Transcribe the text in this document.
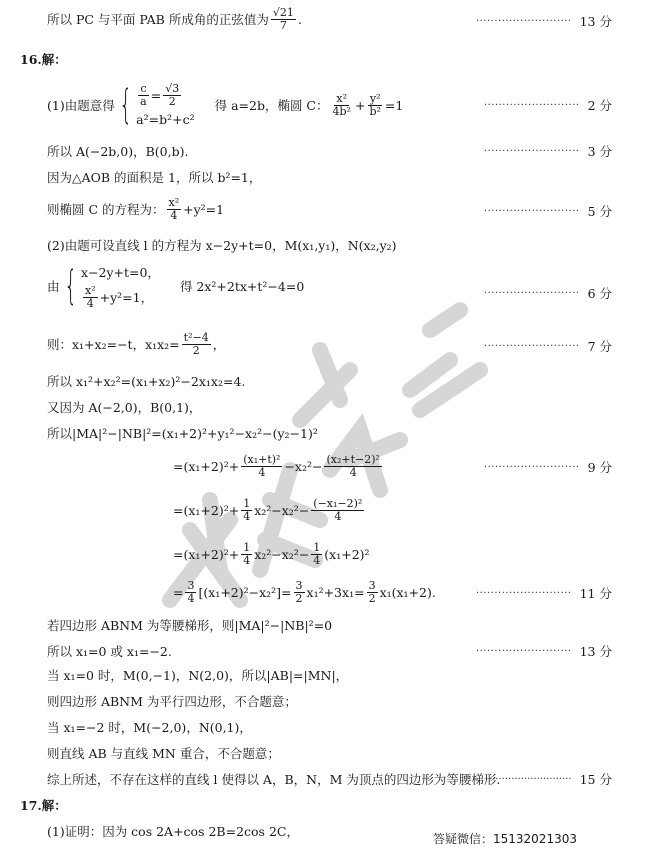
所以 PC 与平面 PAB 所成角的正弦值为 $\frac{√21}{7}$ .	·························· 13 分
16. 解：
(1)由题意得 { $\frac{c}{a} = \frac{√3}{2}$
a²=b²+c²
得 a=2b，椭圆 C： $\frac{\text{x²}}{\text{4b²}} + \frac{\text{y²}}{\text{b²}} =1$	·························· 2 分
所以 A(−2b,0)，B(0,b).	·························· 3 分
因为△AOB 的面积是 1，所以 b²=1，
则椭圆 C 的方程为： $\frac{\text{x²}}{4} +y^2=1$	·························· 5 分
(2)由题可设直线 l 的方程为 x−2y+t=0，M(x₁,y₁)，N(x₂,y₂)
由 { x−2y+t=0，
$\frac{\text{x²}}{4} +y^2=1$，
得 2x²+2tx+t²−4=0	·························· 6 分
则：x₁+x₂=−t，$x_1x_2= \frac{\text{t²−4}}{2}$ ，	·························· 7 分
所以 x₁²+x₂²=(x₁+x₂)²−2x₁x₂=4.
又因为 A(−2,0)，B(0,1)，
所以|MA|²−|NB|²=(x₁+2)²+y₁²−x₂²−(y₂−1)²
$=(x_1+2)^2+ \frac{\text{(x₁+t)²}}{4} -x_2^2- \frac{\text{(x₂+t−2)²}}{4}$	·························· 9 分
$=(x_1+2)^2+ \frac{1}{4} x_2^2-x_2^2- \frac{\text{(−x₁−2)²}}{4}$
$=(x_1+2)^2+ \frac{1}{4} x_2^2-x_2^2- \frac{1}{4} (x_1+2)^2$
= $\frac{3}{4} [(x_1+2)^2-x_2^2]= \frac{3}{2} x_1^2+3x_1= \frac{3}{2} x_1(x_1+2)$.	·························· 11 分
若四边形 ABNM 为等腰梯形，则|MA|²−|NB|²=0
所以 x₁=0 或 x₁=−2.	·························· 13 分
当 x₁=0 时，M(0,−1)，N(2,0)，所以|AB|=|MN|，
则四边形 ABNM 为平行四边形，不合题意；
当 x₁=−2 时，M(−2,0)，N(0,1)，
则直线 AB 与直线 MN 重合，不合题意；
综上所述，不存在这样的直线 l 使得以 A，B，N，M 为顶点的四边形为等腰梯形.
·························· 15 分
17. 解：
(1)证明：因为 cos 2A+cos 2B=2cos 2C，	答疑微信：15132021303
